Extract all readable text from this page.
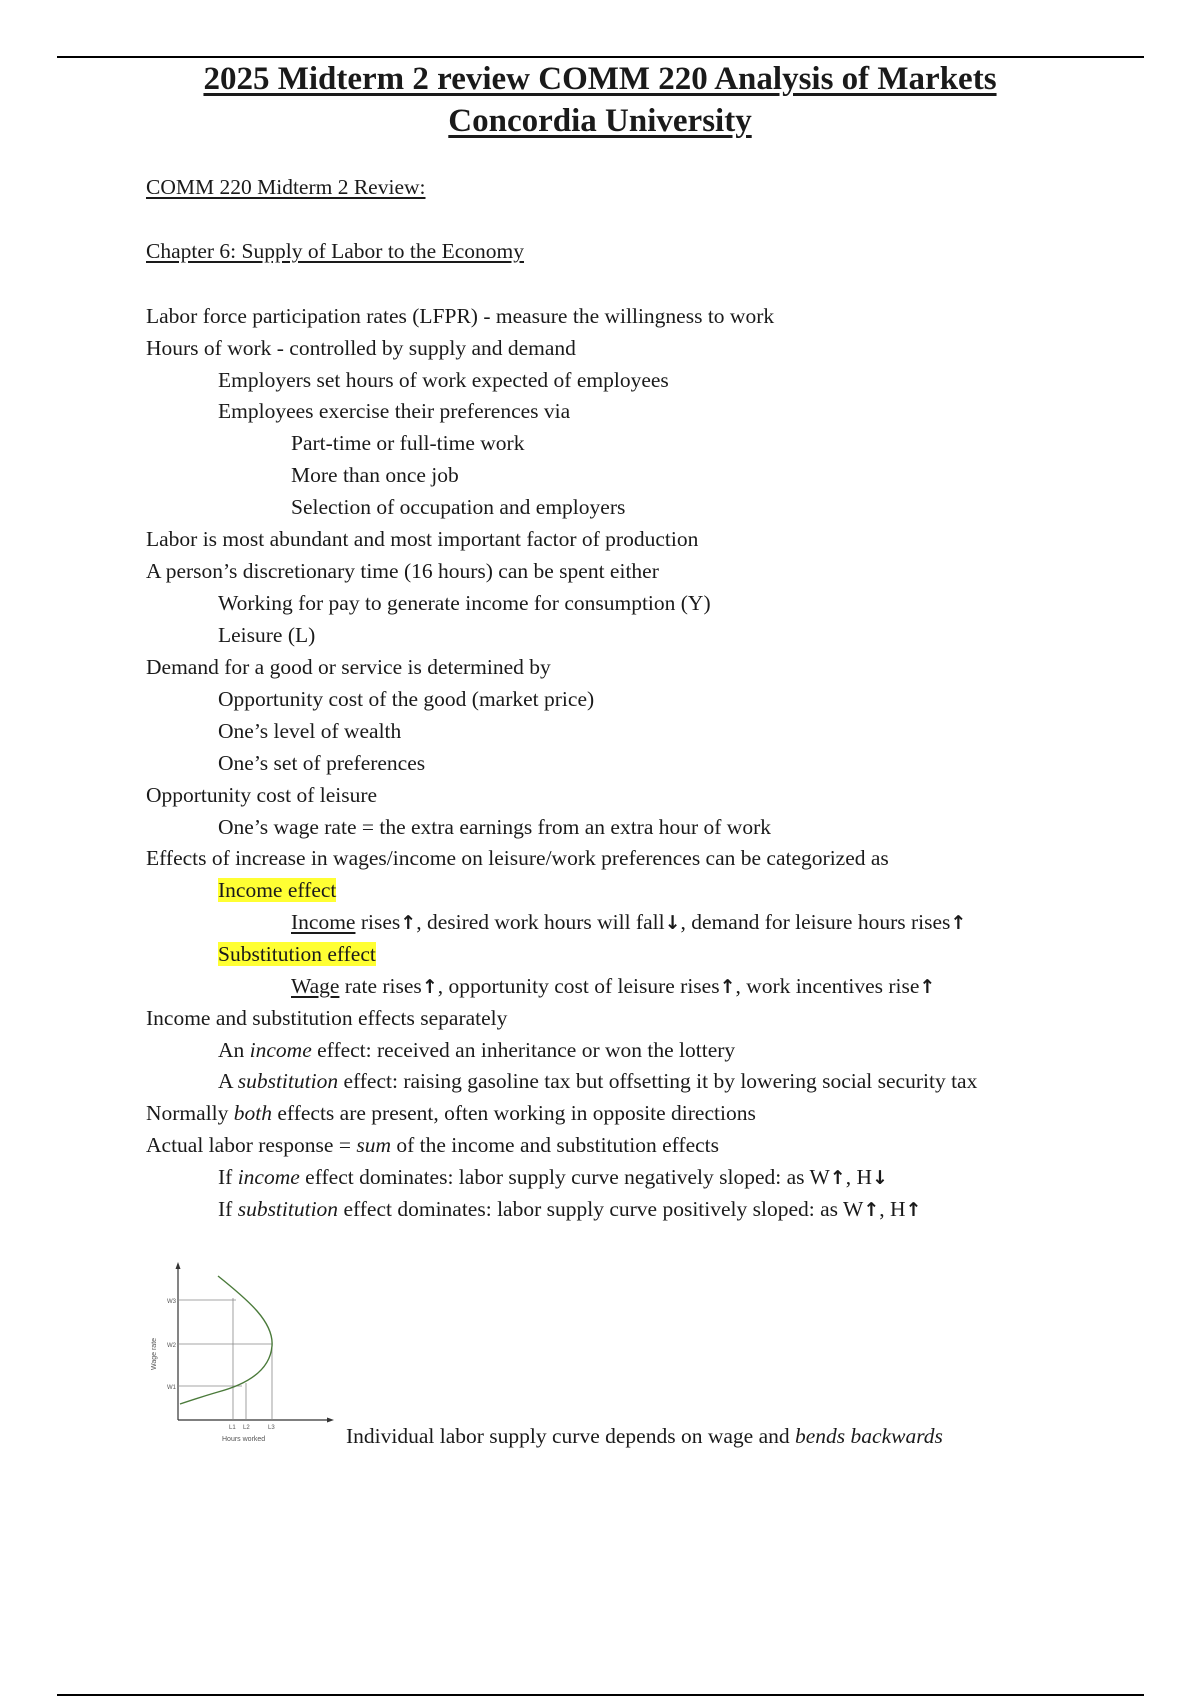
2025 Midterm 2 review COMM 220 Analysis of Markets
Concordia University
COMM 220 Midterm 2 Review:
Chapter 6: Supply of Labor to the Economy
Labor force participation rates (LFPR) - measure the willingness to work
Hours of work - controlled by supply and demand
Employers set hours of work expected of employees
Employees exercise their preferences via
Part-time or full-time work
More than once job
Selection of occupation and employers
Labor is most abundant and most important factor of production
A person’s discretionary time (16 hours) can be spent either
Working for pay to generate income for consumption (Y)
Leisure (L)
Demand for a good or service is determined by
Opportunity cost of the good (market price)
One’s level of wealth
One’s set of preferences
Opportunity cost of leisure
One’s wage rate = the extra earnings from an extra hour of work
Effects of increase in wages/income on leisure/work preferences can be categorized as
Income effect
Income rises↑, desired work hours will fall↓, demand for leisure hours rises↑
Substitution effect
Wage rate rises↑, opportunity cost of leisure rises↑, work incentives rise↑
Income and substitution effects separately
An income effect: received an inheritance or won the lottery
A substitution effect: raising gasoline tax but offsetting it by lowering social security tax
Normally both effects are present, often working in opposite directions
Actual labor response = sum of the income and substitution effects
If income effect dominates: labor supply curve negatively sloped: as W↑, H↓
If substitution effect dominates: labor supply curve positively sloped: as W↑, H↑
W3
W2
W1
L1 L2	L3
Hours worked
Wage rate
Individual labor supply curve depends on wage and bends backwards
